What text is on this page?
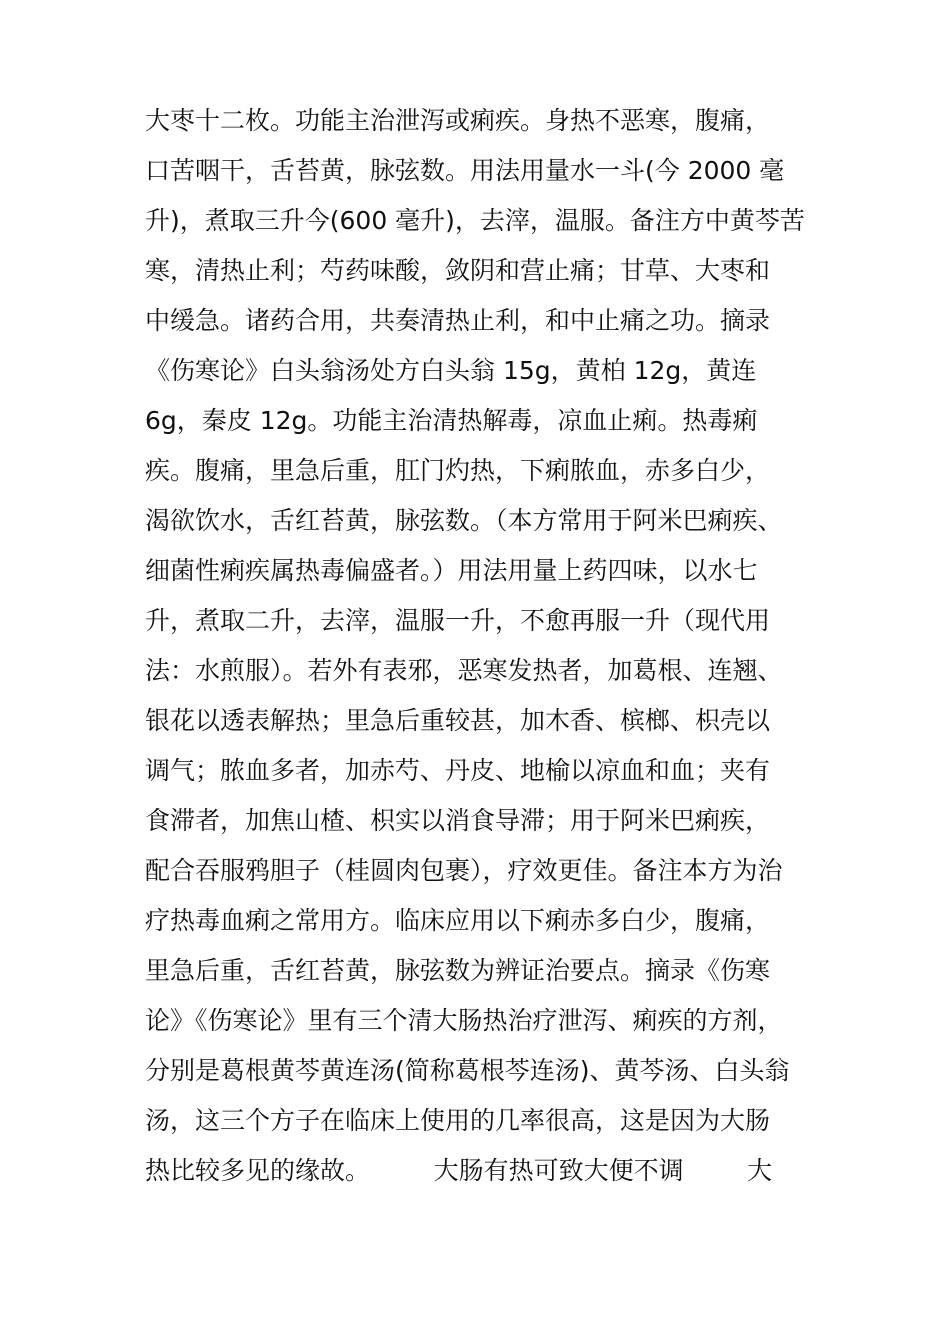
大枣十二枚。功能主治泄泻或痢疾。身热不恶寒，腹痛，
口苦咽干，舌苔黄，脉弦数。用法用量水一斗(今 2000 毫
升)，煮取三升今(600 毫升)，去滓，温服。备注方中黄芩苦
寒，清热止利；芍药味酸，敛阴和营止痛；甘草、大枣和
中缓急。诸药合用，共奏清热止利，和中止痛之功。摘录
《伤寒论》白头翁汤处方白头翁 15g，黄柏 12g，黄连
6g，秦皮 12g。功能主治清热解毒，凉血止痢。热毒痢
疾。腹痛，里急后重，肛门灼热，下痢脓血，赤多白少，
渴欲饮水，舌红苔黄，脉弦数。（本方常用于阿米巴痢疾、
细菌性痢疾属热毒偏盛者。）用法用量上药四味，以水七
升，煮取二升，去滓，温服一升，不愈再服一升（现代用
法：水煎服）。若外有表邪，恶寒发热者，加葛根、连翘、
银花以透表解热；里急后重较甚，加木香、槟榔、枳壳以
调气；脓血多者，加赤芍、丹皮、地榆以凉血和血；夹有
食滞者，加焦山楂、枳实以消食导滞；用于阿米巴痢疾，
配合吞服鸦胆子（桂圆肉包裹），疗效更佳。备注本方为治
疗热毒血痢之常用方。临床应用以下痢赤多白少，腹痛，
里急后重，舌红苔黄，脉弦数为辨证治要点。摘录《伤寒
论》《伤寒论》里有三个清大肠热治疗泄泻、痢疾的方剂，
分别是葛根黄芩黄连汤(简称葛根芩连汤)、黄芩汤、白头翁
汤，这三个方子在临床上使用的几率很高，这是因为大肠
热比较多见的缘故。        大肠有热可致大便不调        大
